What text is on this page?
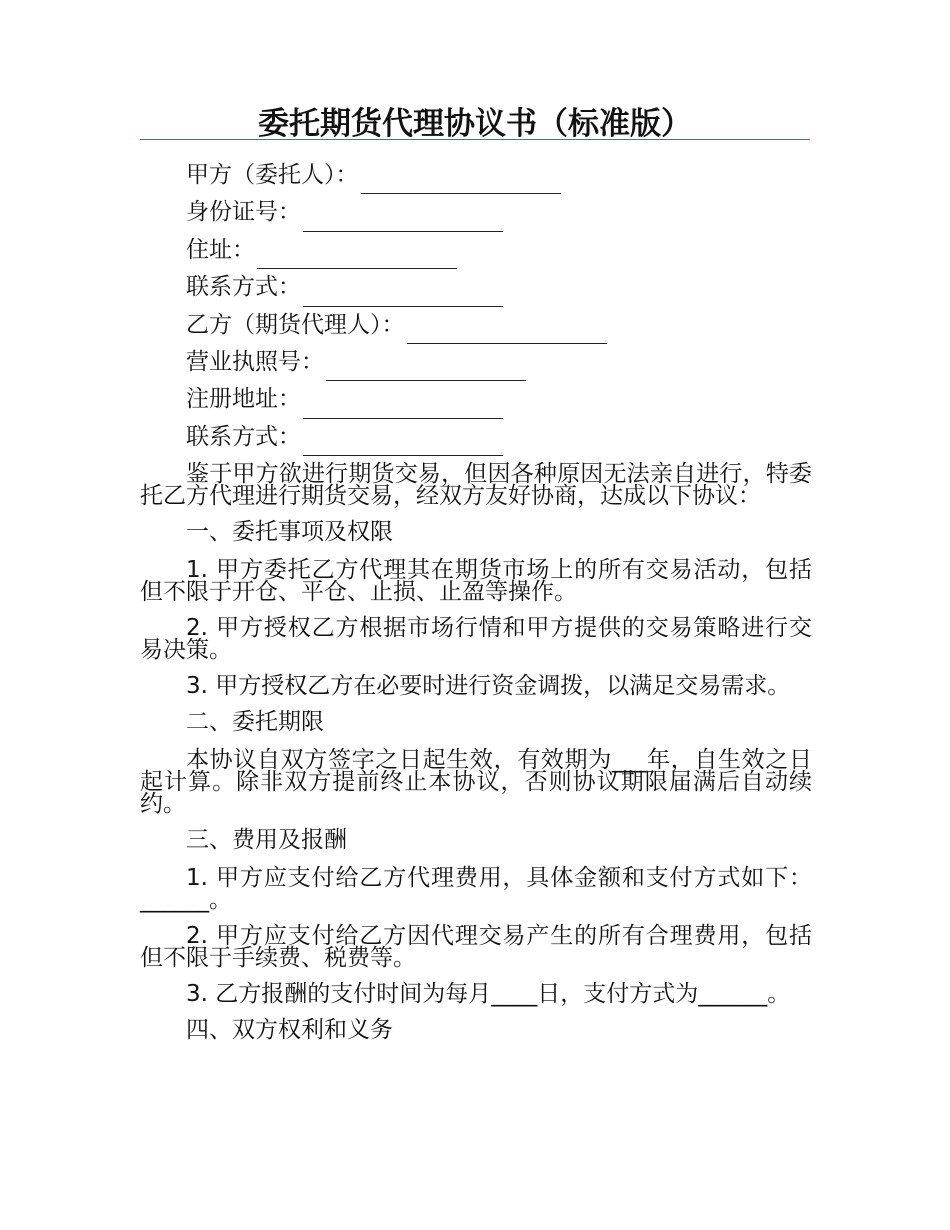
委托期货代理协议书（标准版）
甲方（委托人）：
身份证号：
住址：
联系方式：
乙方（期货代理人）：
营业执照号：
注册地址：
联系方式：

鉴于甲方欲进行期货交易，但因各种原因无法亲自进行，特委托乙方代理进行期货交易，经双方友好协商，达成以下协议：

一、委托事项及权限

1. 甲方委托乙方代理其在期货市场上的所有交易活动，包括但不限于开仓、平仓、止损、止盈等操作。

2. 甲方授权乙方根据市场行情和甲方提供的交易策略进行交易决策。

3. 甲方授权乙方在必要时进行资金调拨，以满足交易需求。

二、委托期限

本协议自双方签字之日起生效，有效期为___年，自生效之日起计算。除非双方提前终止本协议，否则协议期限届满后自动续约。

三、费用及报酬

1. 甲方应支付给乙方代理费用，具体金额和支付方式如下：______。

2. 甲方应支付给乙方因代理交易产生的所有合理费用，包括但不限于手续费、税费等。

3. 乙方报酬的支付时间为每月____日，支付方式为______。

四、双方权利和义务
